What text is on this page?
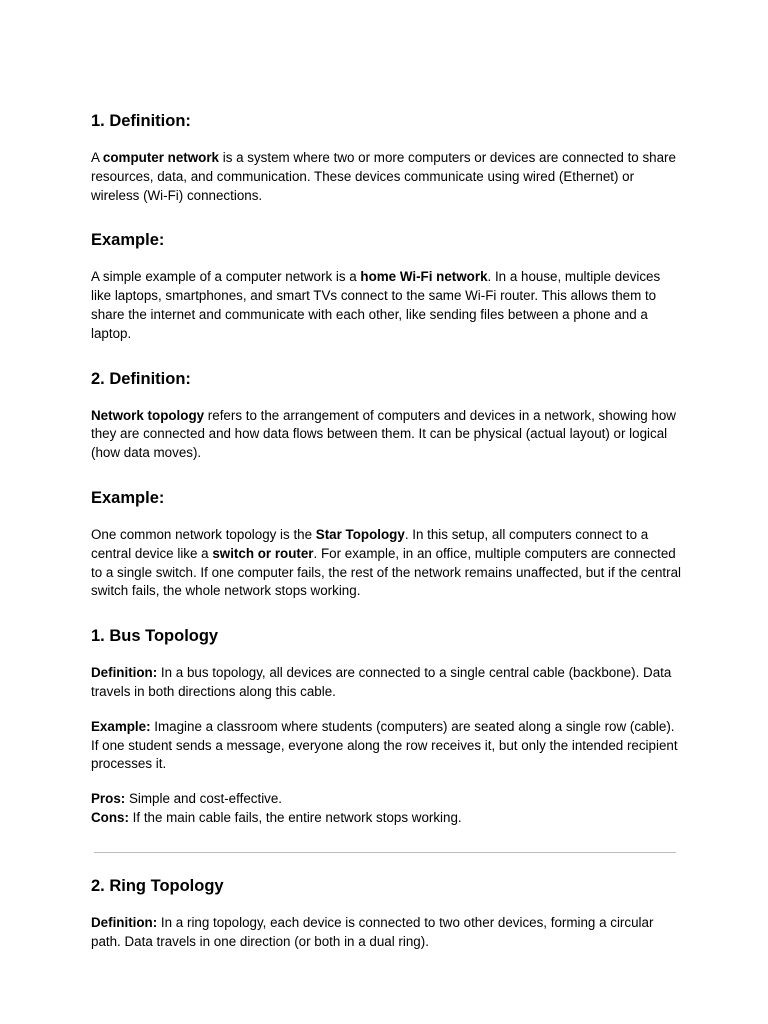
1. Definition:

A computer network is a system where two or more computers or devices are connected to share resources, data, and communication. These devices communicate using wired (Ethernet) or wireless (Wi-Fi) connections.

Example:

A simple example of a computer network is a home Wi-Fi network. In a house, multiple devices like laptops, smartphones, and smart TVs connect to the same Wi-Fi router. This allows them to share the internet and communicate with each other, like sending files between a phone and a laptop.

2. Definition:

Network topology refers to the arrangement of computers and devices in a network, showing how they are connected and how data flows between them. It can be physical (actual layout) or logical (how data moves).

Example:

One common network topology is the Star Topology. In this setup, all computers connect to a central device like a switch or router. For example, in an office, multiple computers are connected to a single switch. If one computer fails, the rest of the network remains unaffected, but if the central switch fails, the whole network stops working.

1. Bus Topology

Definition: In a bus topology, all devices are connected to a single central cable (backbone). Data travels in both directions along this cable.

Example: Imagine a classroom where students (computers) are seated along a single row (cable). If one student sends a message, everyone along the row receives it, but only the intended recipient processes it.

Pros: Simple and cost-effective.

Cons: If the main cable fails, the entire network stops working.

2. Ring Topology

Definition: In a ring topology, each device is connected to two other devices, forming a circular path. Data travels in one direction (or both in a dual ring).
